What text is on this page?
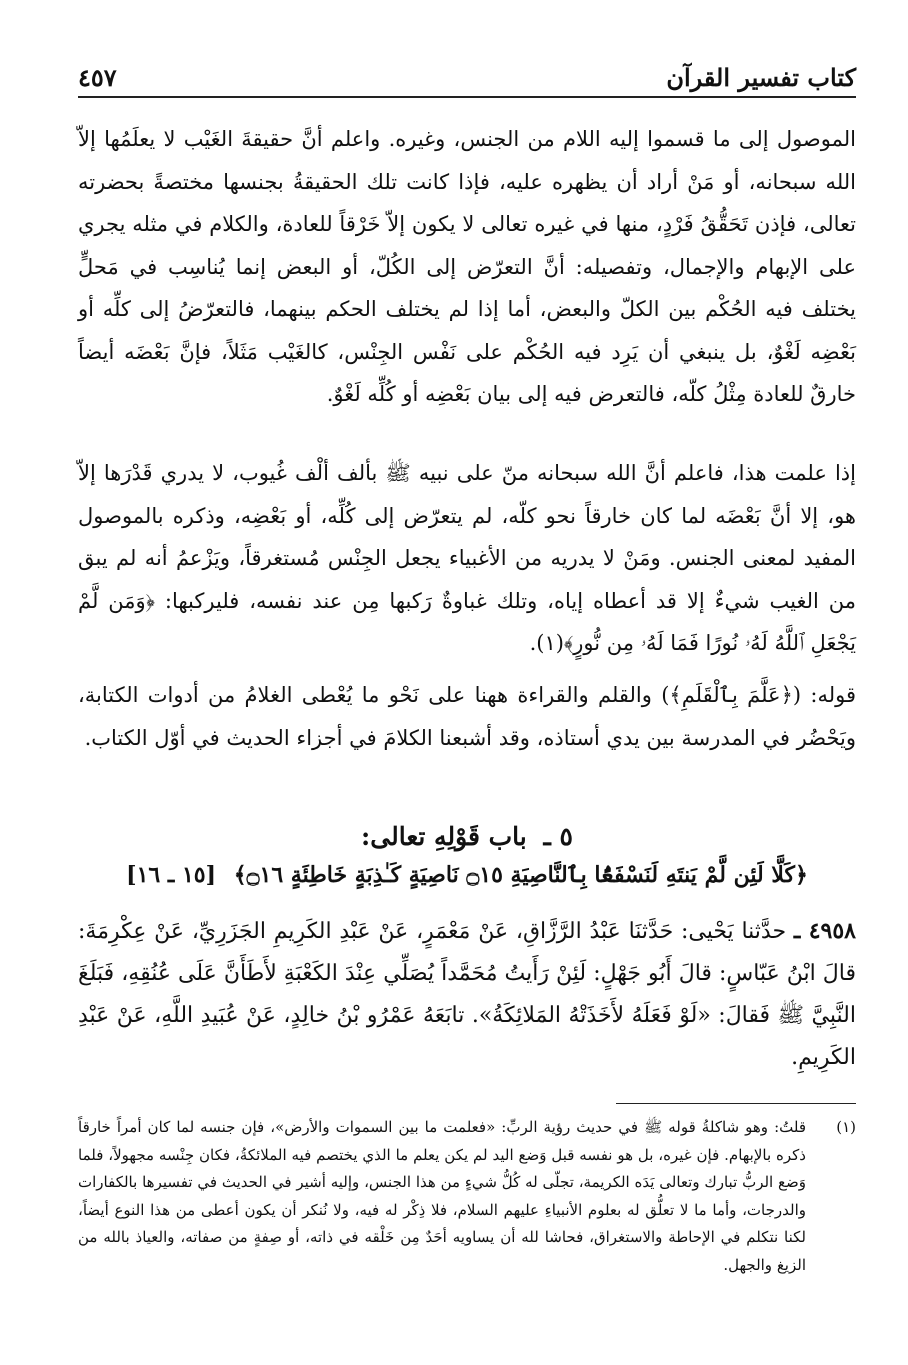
كتاب تفسير القرآن
٤٥٧

الموصول إلى ما قسموا إليه اللام من الجنس، وغيره. واعلم أنَّ حقيقةَ الغَيْب لا يعلَمُها إلاّ الله سبحانه، أو مَنْ أراد أن يظهره عليه، فإذا كانت تلك الحقيقةُ بجنسها مختصةً بحضرته تعالى، فإذن تَحَقُّقُ فَرْدٍ، منها في غيره تعالى لا يكون إلاّ خَرْقاً للعادة، والكلام في مثله يجري على الإبهام والإجمال، وتفصيله: أنَّ التعرّض إلى الكُلّ، أو البعض إنما يُناسِب في مَحلٍّ يختلف فيه الحُكْم بين الكلّ والبعض، أما إذا لم يختلف الحكم بينهما، فالتعرّضُ إلى كلِّه أو بَعْضِه لَغْوٌ، بل ينبغي أن يَرِد فيه الحُكْم على نَفْس الجِنْس، كالغَيْب مَثَلاً، فإنَّ بَعْضَه أيضاً خارقٌ للعادة مِثْلُ كلّه، فالتعرض فيه إلى بيان بَعْضِه أو كُلِّه لَغْوٌ.

إذا علمت هذا، فاعلم أنَّ الله سبحانه منّ على نبيه ﷺ بألف ألْف غُيوب، لا يدري قَدْرَها إلاّ هو، إلا أنَّ بَعْضَه لما كان خارقاً نحو كلّه، لم يتعرّض إلى كُلِّه، أو بَعْضِه، وذكره بالموصول المفيد لمعنى الجنس. ومَنْ لا يدريه من الأغبياء يجعل الجِنْس مُستغرقاً، ويَزْعمُ أنه لم يبق من الغيب شيءٌ إلا قد أعطاه إياه، وتلك غباوةٌ رَكبها مِن عند نفسه، فليركبها: ﴿وَمَن لَّمْ يَجْعَلِ ٱللَّهُ لَهُۥ نُورًا فَمَا لَهُۥ مِن نُّورٍ﴾(١).

قوله: (﴿عَلَّمَ بِٱلْقَلَمِ﴾) والقلم والقراءة ههنا على نَحْو ما يُعْطى الغلامُ من أدوات الكتابة، ويَحْضُر في المدرسة بين يدي أستاذه، وقد أشبعنا الكلامَ في أجزاء الحديث في أوّل الكتاب.

٥ ـ باب قَوْلِهِ تعالى:
﴿كَلَّا لَئِن لَّمْ يَنتَهِ لَنَسْفَعًۢا بِٱلنَّاصِيَةِ ۝١٥ نَاصِيَةٍ كَـٰذِبَةٍ خَاطِئَةٍ ۝١٦﴾ [١٥ ـ ١٦]

٤٩٥٨ ـ حدَّثنا يَحْيى: حَدَّثنَا عَبْدُ الرَّزَّاقِ، عَنْ مَعْمَرٍ، عَنْ عَبْدِ الكَرِيمِ الجَزَرِيِّ، عَنْ عِكْرِمَةَ: قالَ ابْنُ عَبّاسٍ: قالَ أَبُو جَهْلٍ: لَئِنْ رَأَيتُ مُحَمَّداً يُصَلِّي عِنْدَ الكَعْبَةِ لأَطَأَنَّ عَلَى عُنُقِهِ، فَبَلَغَ النَّبِيَّ ﷺ فَقالَ: «لَوْ فَعَلَهُ لأَخَذَتْهُ المَلائِكَةُ». تابَعَهُ عَمْرُو بْنُ خالِدٍ، عَنْ عُبَيدِ اللَّهِ، عَنْ عَبْدِ الكَرِيمِ.

(١)
قلتُ: وهو شاكلةُ قوله ﷺ في حديث رؤية الربِّ: «فعلمت ما بين السموات والأرض»، فإن جنسه لما كان أمراً خارقاً ذكره بالإبهام. فإن غيره، بل هو نفسه قبل وَضع اليد لم يكن يعلم ما الذي يختصم فيه الملائكةُ، فكان جِنْسه مجهولاً، فلما وَضع الربُّ تبارك وتعالى يَدَه الكريمة، تجلّى له كُلُّ شيءٍ من هذا الجنس، وإليه أشير في الحديث في تفسيرها بالكفارات والدرجات، وأما ما لا تعلُّق له بعلوم الأنبياءِ عليهم السلام، فلا ذِكْر له فيه، ولا نُنكر أن يكون أعطى من هذا النوع أيضاً، لكنا نتكلم في الإحاطة والاستغراق، فحاشا لله أن يساويه أحَدٌ مِن خَلْقه في ذاته، أو صِفةٍ من صفاته، والعياذ بالله من الزيغ والجهل.
